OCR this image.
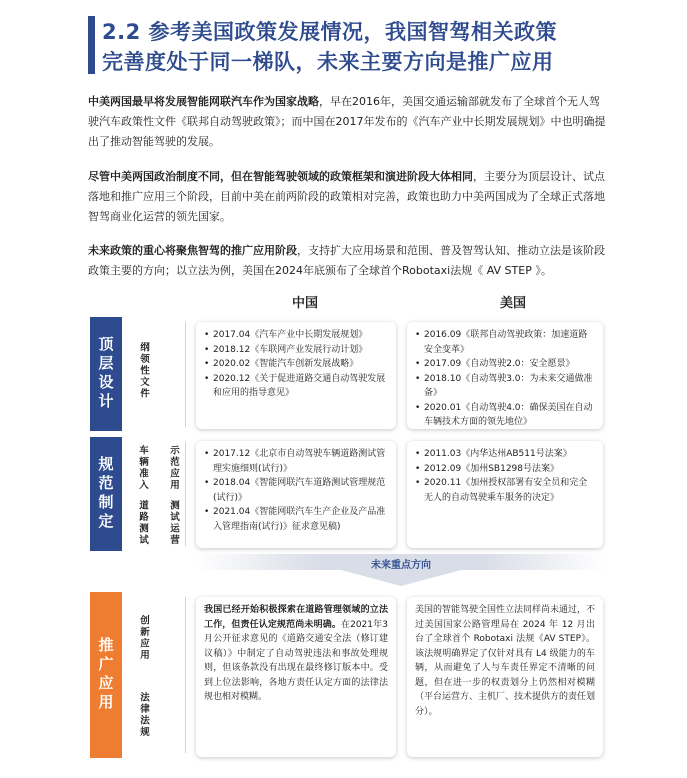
2.2 参考美国政策发展情况，我国智驾相关政策
完善度处于同一梯队，未来主要方向是推广应用
中美两国最早将发展智能网联汽车作为国家战略，早在2016年，美国交通运输部就发布了全球首个无人驾驶汽车政策性文件《联邦自动驾驶政策》；而中国在2017年发布的《汽车产业中长期发展规划》中也明确提出了推动智能驾驶的发展。
尽管中美两国政治制度不同，但在智能驾驶领域的政策框架和演进阶段大体相同，主要分为顶层设计、试点落地和推广应用三个阶段，目前中美在前两阶段的政策相对完善，政策也助力中美两国成为了全球正式落地智驾商业化运营的领先国家。
未来政策的重心将聚焦智驾的推广应用阶段，支持扩大应用场景和范围、普及智驾认知、推动立法是该阶段政策主要的方向；以立法为例，美国在2024年底颁布了全球首个Robotaxi法规《 AV STEP 》。
中国	美国
顶层设计
规范制定
推广应用
纲领性文件
车辆准入 示范应用
道路测试 测试运营
创新应用
法律法规
• 2017.04《汽车产业中长期发展规划》
• 2018.12《车联网产业发展行动计划》
• 2020.02《智能汽车创新发展战略》
• 2020.12《关于促进道路交通自动驾驶发展和应用的指导意见》
• 2016.09《联邦自动驾驶政策：加速道路安全变革》
• 2017.09《自动驾驶2.0：安全愿景》
• 2018.10《自动驾驶3.0：为未来交通做准备》
• 2020.01《自动驾驶4.0：确保美国在自动车辆技术方面的领先地位》
• 2017.12《北京市自动驾驶车辆道路测试管理实施细则(试行)》
• 2018.04《智能网联汽车道路测试管理规范(试行)》
• 2021.04《智能网联汽车生产企业及产品准入管理指南(试行)》征求意见稿)
• 2011.03《内华达州AB511号法案》
• 2012.09《加州SB1298号法案》
• 2020.11《加州授权部署有安全员和完全无人的自动驾驶乘车服务的决定》
未来重点方向
我国已经开始积极探索在道路管理领域的立法工作，但责任认定规范尚未明确。在2021年3月公开征求意见的《道路交通安全法（修订建议稿）》中制定了自动驾驶违法和事故处理规则，但该条款没有出现在最终修订版本中。受到上位法影响，各地方责任认定方面的法律法规也相对模糊。
美国的智能驾驶全国性立法同样尚未通过，不过美国国家公路管理局在 2024 年 12 月出台了全球首个 Robotaxi 法规《AV STEP》。该法规明确界定了仅针对具有 L4 级能力的车辆，从而避免了人与车责任界定不清晰的问题，但在进一步的权责划分上仍然相对模糊（平台运营方、主机厂、技术提供方的责任划分）。
